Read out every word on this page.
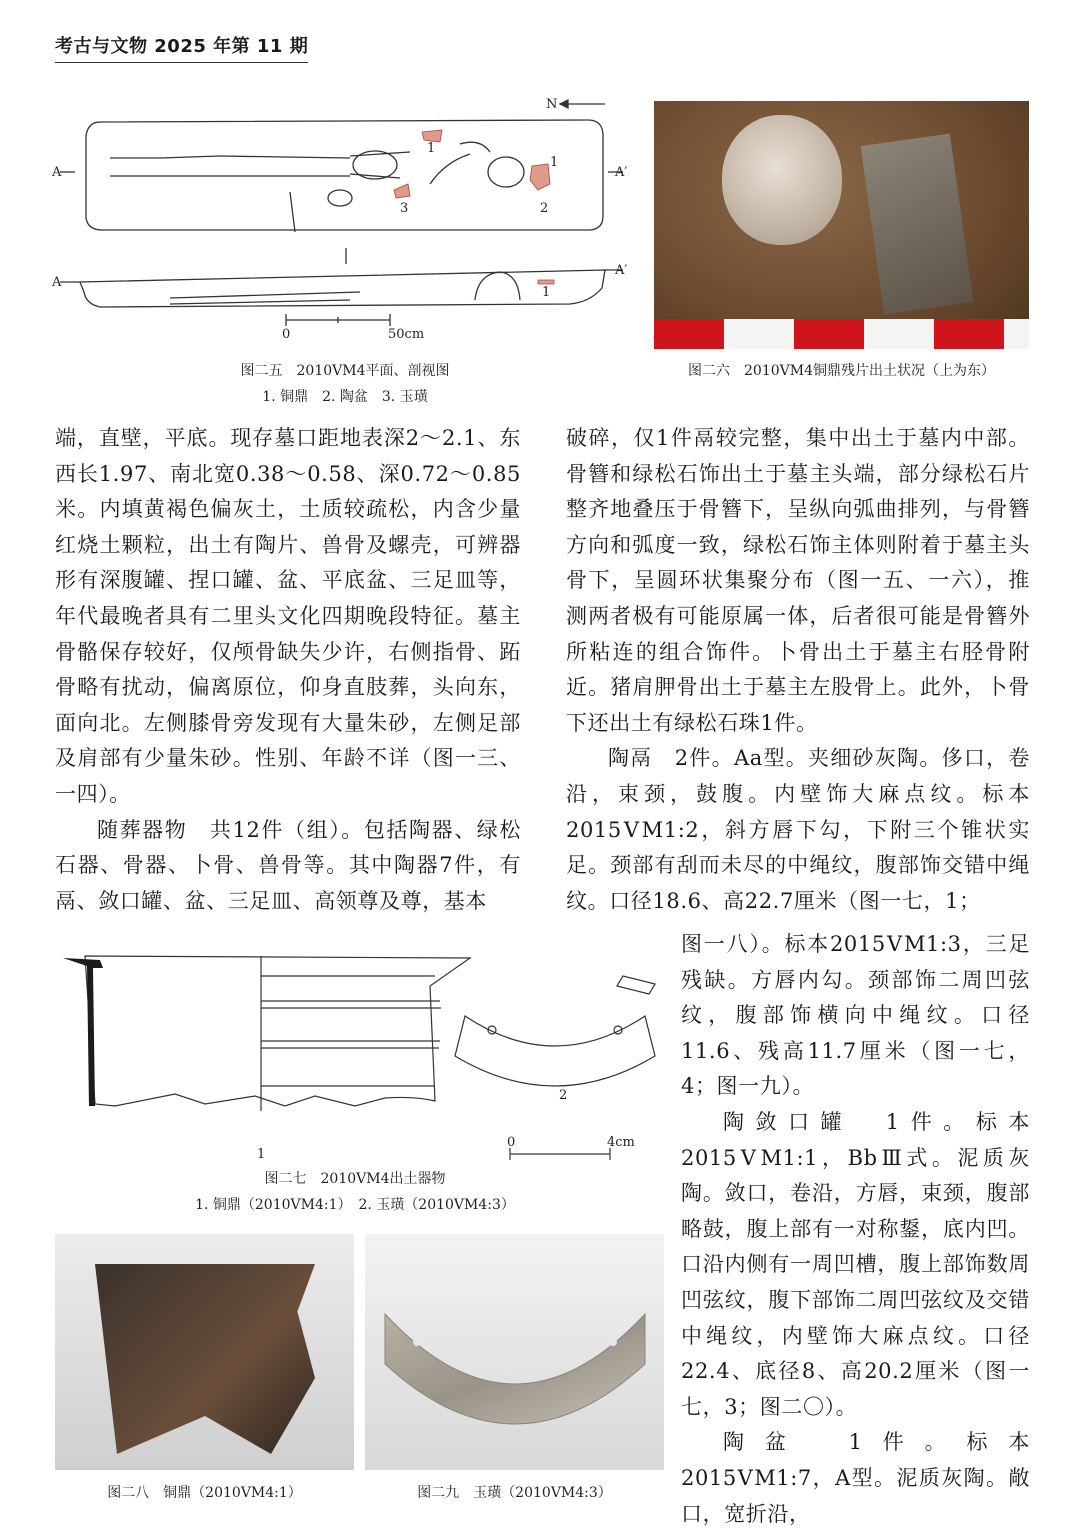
考古与文物 2025 年第 11 期
N
A	A′
A
A′
1
1
2
3
1
0	50cm
图二五　2010ⅤM4平面、剖视图
1. 铜鼎　2. 陶盆　3. 玉璜
图二六　2010ⅤM4铜鼎残片出土状况（上为东）

端，直壁，平底。现存墓口距地表深2～2.1、东西长1.97、南北宽0.38～0.58、深0.72～0.85米。内填黄褐色偏灰土，土质较疏松，内含少量红烧土颗粒，出土有陶片、兽骨及螺壳，可辨器形有深腹罐、捏口罐、盆、平底盆、三足皿等，年代最晚者具有二里头文化四期晚段特征。墓主骨骼保存较好，仅颅骨缺失少许，右侧指骨、跖骨略有扰动，偏离原位，仰身直肢葬，头向东，面向北。左侧膝骨旁发现有大量朱砂，左侧足部及肩部有少量朱砂。性别、年龄不详（图一三、一四）。

随葬器物　共12件（组）。包括陶器、绿松石器、骨器、卜骨、兽骨等。其中陶器7件，有鬲、敛口罐、盆、三足皿、高领尊及尊，基本

破碎，仅1件鬲较完整，集中出土于墓内中部。骨簪和绿松石饰出土于墓主头端，部分绿松石片整齐地叠压于骨簪下，呈纵向弧曲排列，与骨簪方向和弧度一致，绿松石饰主体则附着于墓主头骨下，呈圆环状集聚分布（图一五、一六），推测两者极有可能原属一体，后者很可能是骨簪外所粘连的组合饰件。卜骨出土于墓主右胫骨附近。猪肩胛骨出土于墓主左股骨上。此外，卜骨下还出土有绿松石珠1件。

陶鬲　2件。Aa型。夹细砂灰陶。侈口，卷沿，束颈，鼓腹。内壁饰大麻点纹。标本2015ⅤM1:2，斜方唇下勾，下附三个锥状实足。颈部有刮而未尽的中绳纹，腹部饰交错中绳纹。口径18.6、高22.7厘米（图一七，1；

图一八）。标本2015ⅤM1:3，三足残缺。方唇内勾。颈部饰二周凹弦纹，腹部饰横向中绳纹。口径11.6、残高11.7厘米（图一七，4；图一九）。

陶敛口罐　1件。标本2015ⅤM1:1，BbⅢ式。泥质灰陶。敛口，卷沿，方唇，束颈，腹部略鼓，腹上部有一对称鋬，底内凹。口沿内侧有一周凹槽，腹上部饰数周凹弦纹，腹下部饰二周凹弦纹及交错中绳纹，内壁饰大麻点纹。口径22.4、底径8、高20.2厘米（图一七，3；图二〇）。

陶盆　1件。标本2015ⅤM1:7，A型。泥质灰陶。敞口，宽折沿，

1
2
0	4cm
图二七　2010ⅤM4出土器物
1. 铜鼎（2010ⅤM4:1）　2. 玉璜（2010ⅤM4:3）
图二八　铜鼎（2010ⅤM4:1）	图二九　玉璜（2010ⅤM4:3）
